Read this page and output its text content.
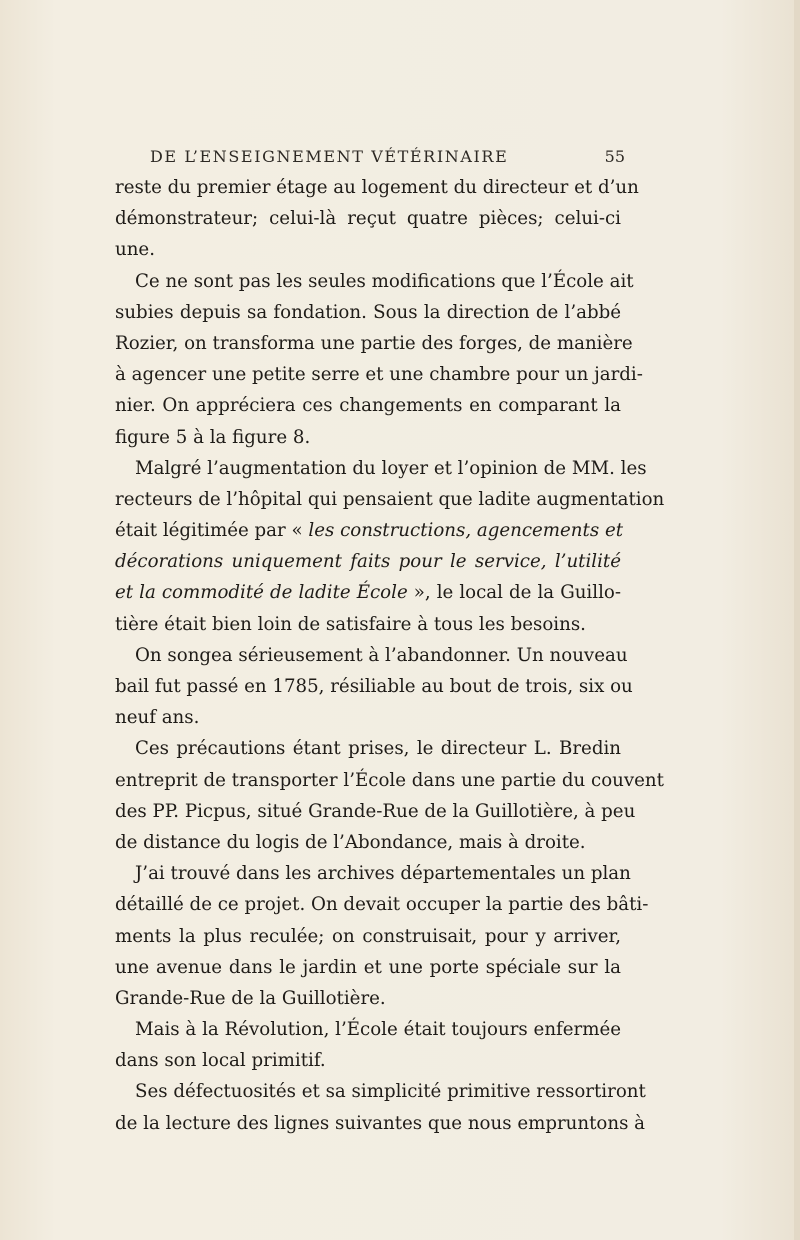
DE L’ENSEIGNEMENT VÉTÉRINAIRE	55
reste du premier étage au logement du directeur et d’un
démonstrateur; celui-là reçut quatre pièces; celui-ci
une.
Ce ne sont pas les seules modifications que l’École ait
subies depuis sa fondation. Sous la direction de l’abbé
Rozier, on transforma une partie des forges, de manière
à agencer une petite serre et une chambre pour un jardi-
nier. On appréciera ces changements en comparant la
figure 5 à la figure 8.
Malgré l’augmentation du loyer et l’opinion de MM. les
recteurs de l’hôpital qui pensaient que ladite augmentation
était légitimée par « les constructions, agencements et
décorations uniquement faits pour le service, l’utilité
et la commodité de ladite École », le local de la Guillo-
tière était bien loin de satisfaire à tous les besoins.
On songea sérieusement à l’abandonner. Un nouveau
bail fut passé en 1785, résiliable au bout de trois, six ou
neuf ans.
Ces précautions étant prises, le directeur L. Bredin
entreprit de transporter l’École dans une partie du couvent
des PP. Picpus, situé Grande-Rue de la Guillotière, à peu
de distance du logis de l’Abondance, mais à droite.
J’ai trouvé dans les archives départementales un plan
détaillé de ce projet. On devait occuper la partie des bâti-
ments la plus reculée; on construisait, pour y arriver,
une avenue dans le jardin et une porte spéciale sur la
Grande-Rue de la Guillotière.
Mais à la Révolution, l’École était toujours enfermée
dans son local primitif.
Ses défectuosités et sa simplicité primitive ressortiront
de la lecture des lignes suivantes que nous empruntons à
